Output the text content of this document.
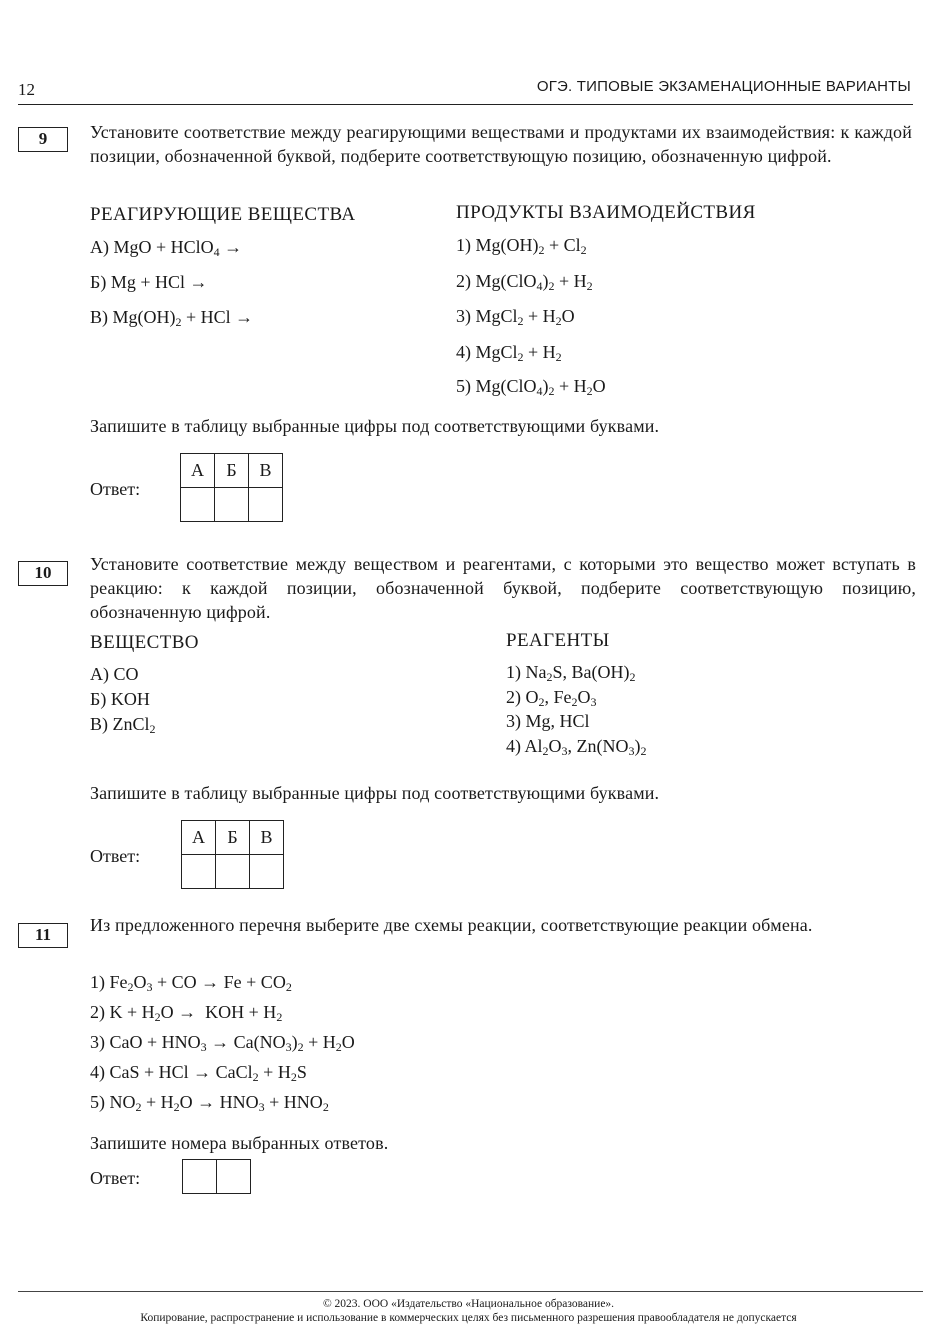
12	ОГЭ. ТИПОВЫЕ ЭКЗАМЕНАЦИОННЫЕ ВАРИАНТЫ
9	Установите соответствие между реагирующими веществами и продуктами их взаимодействия: к каждой позиции, обозначенной буквой, подберите соответствующую позицию, обозначенную цифрой.
РЕАГИРУЮЩИЕ ВЕЩЕСТВА	ПРОДУКТЫ ВЗАИМОДЕЙСТВИЯ
А) MgO + HClO$_4$ →
Б) Mg + HCl →
В) $Mg(OH)_2$ + HCl →
1) $Mg(OH)_2 + Cl_2$
2) $Mg(ClO_4)_2 + H_2$
3) MgCl$_2$ + $H_2O$
4) MgCl$_2$ + $H_2$
5) $Mg(ClO_4)_2 + H_2O$
Запишите в таблицу выбранные цифры под соответствующими буквами.
Ответ:
А	Б	В

10	Установите соответствие между веществом и реагентами, с которыми это вещество может вступать в реакцию: к каждой позиции, обозначенной буквой, подберите соответствующую позицию, обозначенную цифрой.
ВЕЩЕСТВО	РЕАГЕНТЫ
А) CO
Б) KOH
В) ZnCl$_2$
1) $Na_2S$, $Ba(OH)_2$
2) $O_2$, $Fe_2O_3$
3) Mg, HCl
4) $Al_2O_3$, $Zn(NO_3)_2$
Запишите в таблицу выбранные цифры под соответствующими буквами.
Ответ:
А	Б	В

11	Из предложенного перечня выберите две схемы реакции, соответствующие реакции обмена.
1) $Fe_2O_3$ + CO → $Fe + CO_2$
2) $K + H_2O$ →  KOH + $H_2$
3) CaO + $HNO_3 \to Ca(NO_3)_2 + H_2O$
4) CaS + HCl → CaCl$_2$ + $H_2S$
5) $NO_2 + H_2O \to HNO_3 + HNO_2$
Запишите номера выбранных ответов.
Ответ:

© 2023. ООО «Издательство «Национальное образование».
Копирование, распространение и использование в коммерческих целях без письменного разрешения правообладателя не допускается
